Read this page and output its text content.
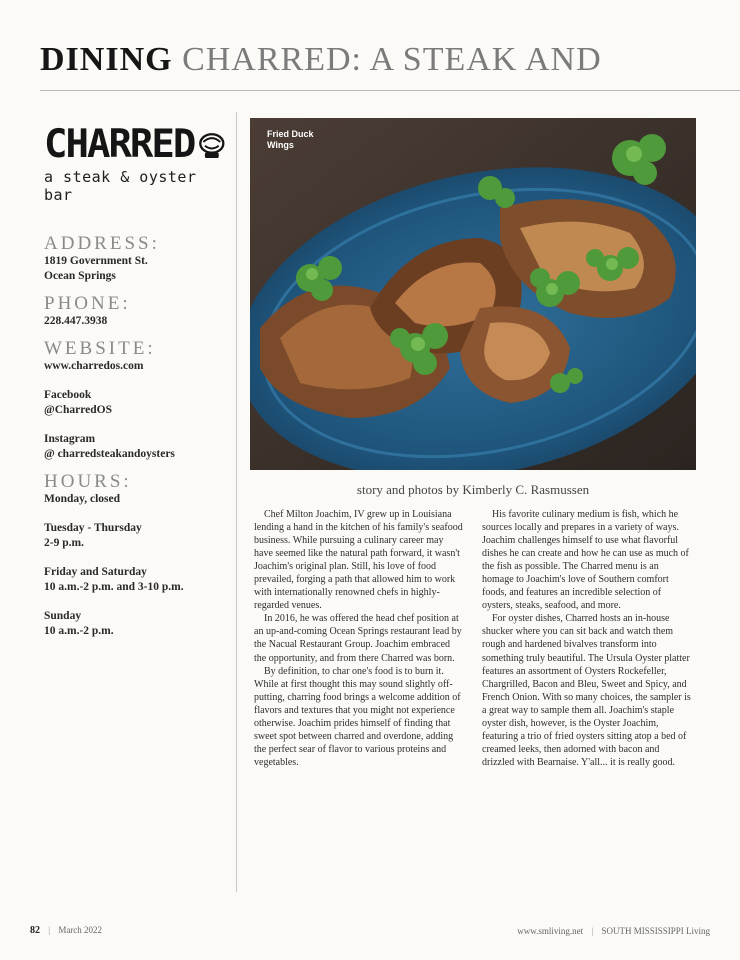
DINING CHARRED: A STEAK AND
CHARRED
a steak & oyster bar
ADDRESS:
1819 Government St.
Ocean Springs
PHONE:
228.447.3938
WEBSITE:
www.charredos.com
Facebook
@CharredOS
Instagram
@ charredsteakandoysters
HOURS:
Monday, closed
Tuesday - Thursday
2-9 p.m.
Friday and Saturday
10 a.m.-2 p.m. and 3-10 p.m.
Sunday
10 a.m.-2 p.m.
Fried Duck
Wings
story and photos by Kimberly C. Rasmussen

Chef Milton Joachim, IV grew up in Louisiana lending a hand in the kitchen of his family's seafood business. While pursuing a culinary career may have seemed like the natural path forward, it wasn't Joachim's original plan. Still, his love of food prevailed, forging a path that allowed him to work with internationally renowned chefs in highly-regarded venues.

In 2016, he was offered the head chef position at an up-and-coming Ocean Springs restaurant lead by the Nacual Restaurant Group. Joachim embraced the opportunity, and from there Charred was born.

By definition, to char one's food is to burn it. While at first thought this may sound slightly off-putting, charring food brings a welcome addition of flavors and textures that you might not experience otherwise. Joachim prides himself of finding that sweet spot between charred and overdone, adding the perfect sear of flavor to various proteins and vegetables.

His favorite culinary medium is fish, which he sources locally and prepares in a variety of ways. Joachim challenges himself to use what flavorful dishes he can create and how he can use as much of the fish as possible. The Charred menu is an homage to Joachim's love of Southern comfort foods, and features an incredible selection of oysters, steaks, seafood, and more.

For oyster dishes, Charred hosts an in-house shucker where you can sit back and watch them rough and hardened bivalves transform into something truly beautiful. The Ursula Oyster platter features an assortment of Oysters Rockefeller, Chargrilled, Bacon and Bleu, Sweet and Spicy, and French Onion. With so many choices, the sampler is a great way to sample them all. Joachim's staple oyster dish, however, is the Oyster Joachim, featuring a trio of fried oysters sitting atop a bed of creamed leeks, then adorned with bacon and drizzled with Bearnaise. Y'all... it is really good.

82 | March 2022	www.smliving.net | SOUTH MISSISSIPPI Living
